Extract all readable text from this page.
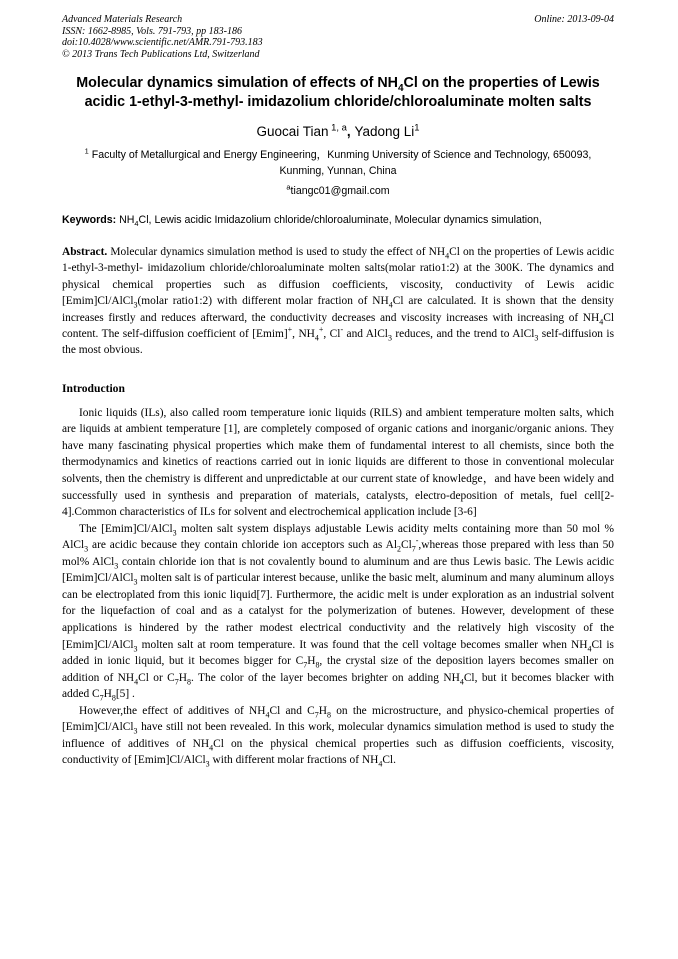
Advanced Materials Research
ISSN: 1662-8985, Vols. 791-793, pp 183-186
doi:10.4028/www.scientific.net/AMR.791-793.183
© 2013 Trans Tech Publications Ltd, Switzerland
Online: 2013-09-04
Molecular dynamics simulation of effects of $NH_4Cl$ on the properties of Lewis acidic 1-ethyl-3-methyl- imidazolium chloride/chloroaluminate molten salts
Guocai Tian $^{1, a}$, Yadong Li$^1$
$^1$ Faculty of Metallurgical and Energy Engineering，Kunming University of Science and Technology, 650093, Kunming, Yunnan, China
$^a$tiangc01@gmail.com
Keywords: $NH_4Cl$, Lewis acidic Imidazolium chloride/chloroaluminate, Molecular dynamics simulation,
Abstract. Molecular dynamics simulation method is used to study the effect of $NH_4Cl$ on the properties of Lewis acidic 1-ethyl-3-methyl- imidazolium chloride/chloroaluminate molten salts(molar ratio1:2) at the 300K. The dynamics and physical chemical properties such as diffusion coefficients, viscosity, conductivity of Lewis acidic [Emim]Cl/AlCl$_3$(molar ratio1:2) with different molar fraction of $NH_4Cl$ are calculated. It is shown that the density increases firstly and reduces afterward, the conductivity decreases and viscosity increases with increasing of $NH_4Cl$ content. The self-diffusion coefficient of [Emim]+, $NH_4^+$, Cl- and AlCl$_3$ reduces, and the trend to AlCl$_3$ self-diffusion is the most obvious.
Introduction
Ionic liquids (ILs), also called room temperature ionic liquids (RILS) and ambient temperature molten salts, which are liquids at ambient temperature [1], are completely composed of organic cations and inorganic/organic anions. They have many fascinating physical properties which make them of fundamental interest to all chemists, since both the thermodynamics and kinetics of reactions carried out in ionic liquids are different to those in conventional molecular solvents, then the chemistry is different and unpredictable at our current state of knowledge，and have been widely and successfully used in synthesis and preparation of materials, catalysts, electro-deposition of metals, fuel cell[2-4].Common characteristics of ILs for solvent and electrochemical application include [3-6]
The [Emim]Cl/AlCl$_3$ molten salt system displays adjustable Lewis acidity melts containing more than 50 mol % AlCl$_3$ are acidic because they contain chloride ion acceptors such as $Al_2Cl_7^-,whereas$ those prepared with less than 50 mol% AlCl$_3$ contain chloride ion that is not covalently bound to aluminum and are thus Lewis basic. The Lewis acidic [Emim]Cl/AlCl$_3$ molten salt is of particular interest because, unlike the basic melt, aluminum and many aluminum alloys can be electroplated from this ionic liquid[7]. Furthermore, the acidic melt is under exploration as an industrial solvent for the liquefaction of coal and as a catalyst for the polymerization of butenes. However, development of these applications is hindered by the rather modest electrical conductivity and the relatively high viscosity of the [Emim]Cl/AlCl$_3$ molten salt at room temperature. It was found that the cell voltage becomes smaller when $NH_4Cl$ is added in ionic liquid, but it becomes bigger for $C_7H_8$, the crystal size of the deposition layers becomes smaller on addition of $NH_4Cl$ or $C_7H_8$. The color of the layer becomes brighter on adding $NH_4Cl$, but it becomes blacker with added $C_7H_8[5]$ .
However,the effect of additives of $NH_4Cl$ and $C_7H_8$ on the microstructure, and physico-chemical properties of [Emim]Cl/AlCl$_3$ have still not been revealed. In this work, molecular dynamics simulation method is used to study the influence of additives of $NH_4Cl$ on the physical chemical properties such as diffusion coefficients, viscosity, conductivity of [Emim]Cl/AlCl$_3$ with different molar fractions of $NH_4Cl$.
